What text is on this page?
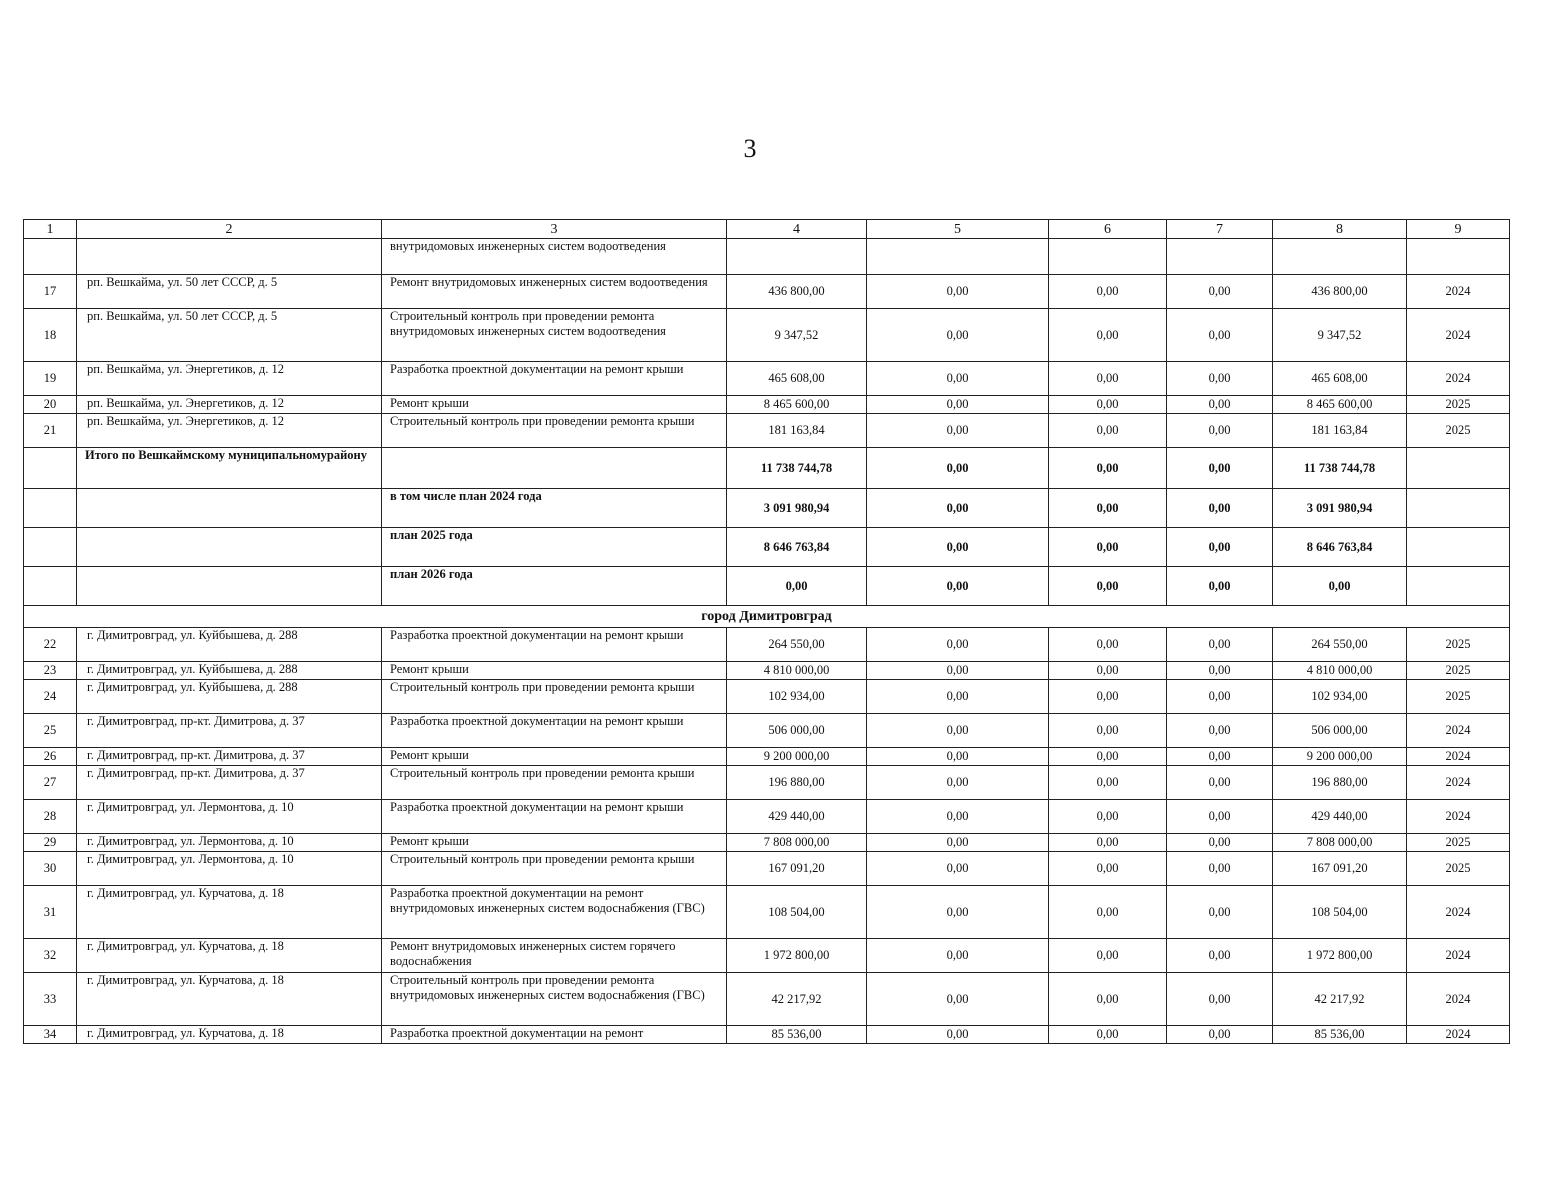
3
1	2	3	4	5	6	7	8	9
		внутридомовых инженерных систем водоотведения						
17	рп. Вешкайма, ул. 50 лет СССР, д. 5	Ремонт внутридомовых инженерных систем водоотведения	436 800,00	0,00	0,00	0,00	436 800,00	2024
18	рп. Вешкайма, ул. 50 лет СССР, д. 5	Строительный контроль при проведении ремонта внутридомовых инженерных систем водоотведения	9 347,52	0,00	0,00	0,00	9 347,52	2024
19	рп. Вешкайма, ул. Энергетиков, д. 12	Разработка проектной документации на ремонт крыши	465 608,00	0,00	0,00	0,00	465 608,00	2024
20	рп. Вешкайма, ул. Энергетиков, д. 12	Ремонт крыши	8 465 600,00	0,00	0,00	0,00	8 465 600,00	2025
21	рп. Вешкайма, ул. Энергетиков, д. 12	Строительный контроль при проведении ремонта крыши	181 163,84	0,00	0,00	0,00	181 163,84	2025
	Итого по Вешкаймскому муниципальномурайону		11 738 744,78	0,00	0,00	0,00	11 738 744,78	
		в том числе план 2024 года	3 091 980,94	0,00	0,00	0,00	3 091 980,94	
		план 2025 года	8 646 763,84	0,00	0,00	0,00	8 646 763,84	
		план 2026 года	0,00	0,00	0,00	0,00	0,00	
город Димитровград								
22	г. Димитровград, ул. Куйбышева, д. 288	Разработка проектной документации на ремонт крыши	264 550,00	0,00	0,00	0,00	264 550,00	2025
23	г. Димитровград, ул. Куйбышева, д. 288	Ремонт крыши	4 810 000,00	0,00	0,00	0,00	4 810 000,00	2025
24	г. Димитровград, ул. Куйбышева, д. 288	Строительный контроль при проведении ремонта крыши	102 934,00	0,00	0,00	0,00	102 934,00	2025
25	г. Димитровград, пр-кт. Димитрова, д. 37	Разработка проектной документации на ремонт крыши	506 000,00	0,00	0,00	0,00	506 000,00	2024
26	г. Димитровград, пр-кт. Димитрова, д. 37	Ремонт крыши	9 200 000,00	0,00	0,00	0,00	9 200 000,00	2024
27	г. Димитровград, пр-кт. Димитрова, д. 37	Строительный контроль при проведении ремонта крыши	196 880,00	0,00	0,00	0,00	196 880,00	2024
28	г. Димитровград, ул. Лермонтова, д. 10	Разработка проектной документации на ремонт крыши	429 440,00	0,00	0,00	0,00	429 440,00	2024
29	г. Димитровград, ул. Лермонтова, д. 10	Ремонт крыши	7 808 000,00	0,00	0,00	0,00	7 808 000,00	2025
30	г. Димитровград, ул. Лермонтова, д. 10	Строительный контроль при проведении ремонта крыши	167 091,20	0,00	0,00	0,00	167 091,20	2025
31	г. Димитровград, ул. Курчатова, д. 18	Разработка проектной документации на ремонт внутридомовых инженерных систем водоснабжения (ГВС)	108 504,00	0,00	0,00	0,00	108 504,00	2024
32	г. Димитровград, ул. Курчатова, д. 18	Ремонт внутридомовых инженерных систем горячего водоснабжения	1 972 800,00	0,00	0,00	0,00	1 972 800,00	2024
33	г. Димитровград, ул. Курчатова, д. 18	Строительный контроль при проведении ремонта внутридомовых инженерных систем водоснабжения (ГВС)	42 217,92	0,00	0,00	0,00	42 217,92	2024
34	г. Димитровград, ул. Курчатова, д. 18	Разработка проектной документации на ремонт	85 536,00	0,00	0,00	0,00	85 536,00	2024
